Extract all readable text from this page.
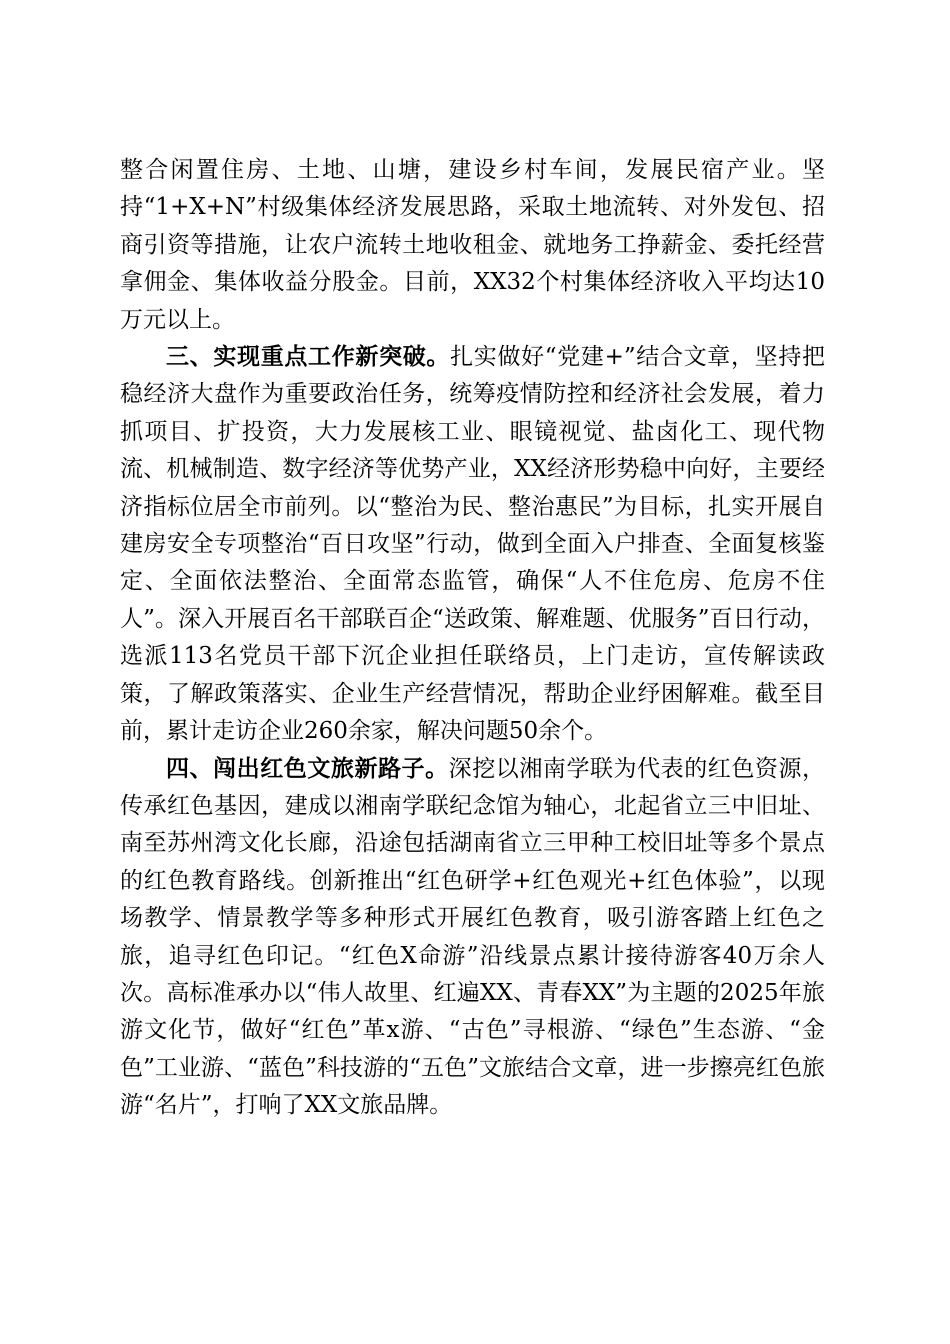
整合闲置住房、土地、山塘，建设乡村车间，发展民宿产业。坚持“1+X+N”村级集体经济发展思路，采取土地流转、对外发包、招商引资等措施，让农户流转土地收租金、就地务工挣薪金、委托经营拿佣金、集体收益分股金。目前，XX32个村集体经济收入平均达10万元以上。

三、实现重点工作新突破。扎实做好“党建+”结合文章，坚持把稳经济大盘作为重要政治任务，统筹疫情防控和经济社会发展，着力抓项目、扩投资，大力发展核工业、眼镜视觉、盐卤化工、现代物流、机械制造、数字经济等优势产业，XX经济形势稳中向好，主要经济指标位居全市前列。以“整治为民、整治惠民”为目标，扎实开展自建房安全专项整治“百日攻坚”行动，做到全面入户排查、全面复核鉴定、全面依法整治、全面常态监管，确保“人不住危房、危房不住人”。深入开展百名干部联百企“送政策、解难题、优服务”百日行动，选派113名党员干部下沉企业担任联络员，上门走访，宣传解读政策，了解政策落实、企业生产经营情况，帮助企业纾困解难。截至目前，累计走访企业260余家，解决问题50余个。

四、闯出红色文旅新路子。深挖以湘南学联为代表的红色资源，传承红色基因，建成以湘南学联纪念馆为轴心，北起省立三中旧址、南至苏州湾文化长廊，沿途包括湖南省立三甲种工校旧址等多个景点的红色教育路线。创新推出“红色研学+红色观光+红色体验”，以现场教学、情景教学等多种形式开展红色教育，吸引游客踏上红色之旅，追寻红色印记。“红色X命游”沿线景点累计接待游客40万余人次。高标准承办以“伟人故里、红遍XX、青春XX”为主题的2025年旅游文化节，做好“红色”革x游、“古色”寻根游、“绿色”生态游、“金色”工业游、“蓝色”科技游的“五色”文旅结合文章，进一步擦亮红色旅游“名片”，打响了XX文旅品牌。
